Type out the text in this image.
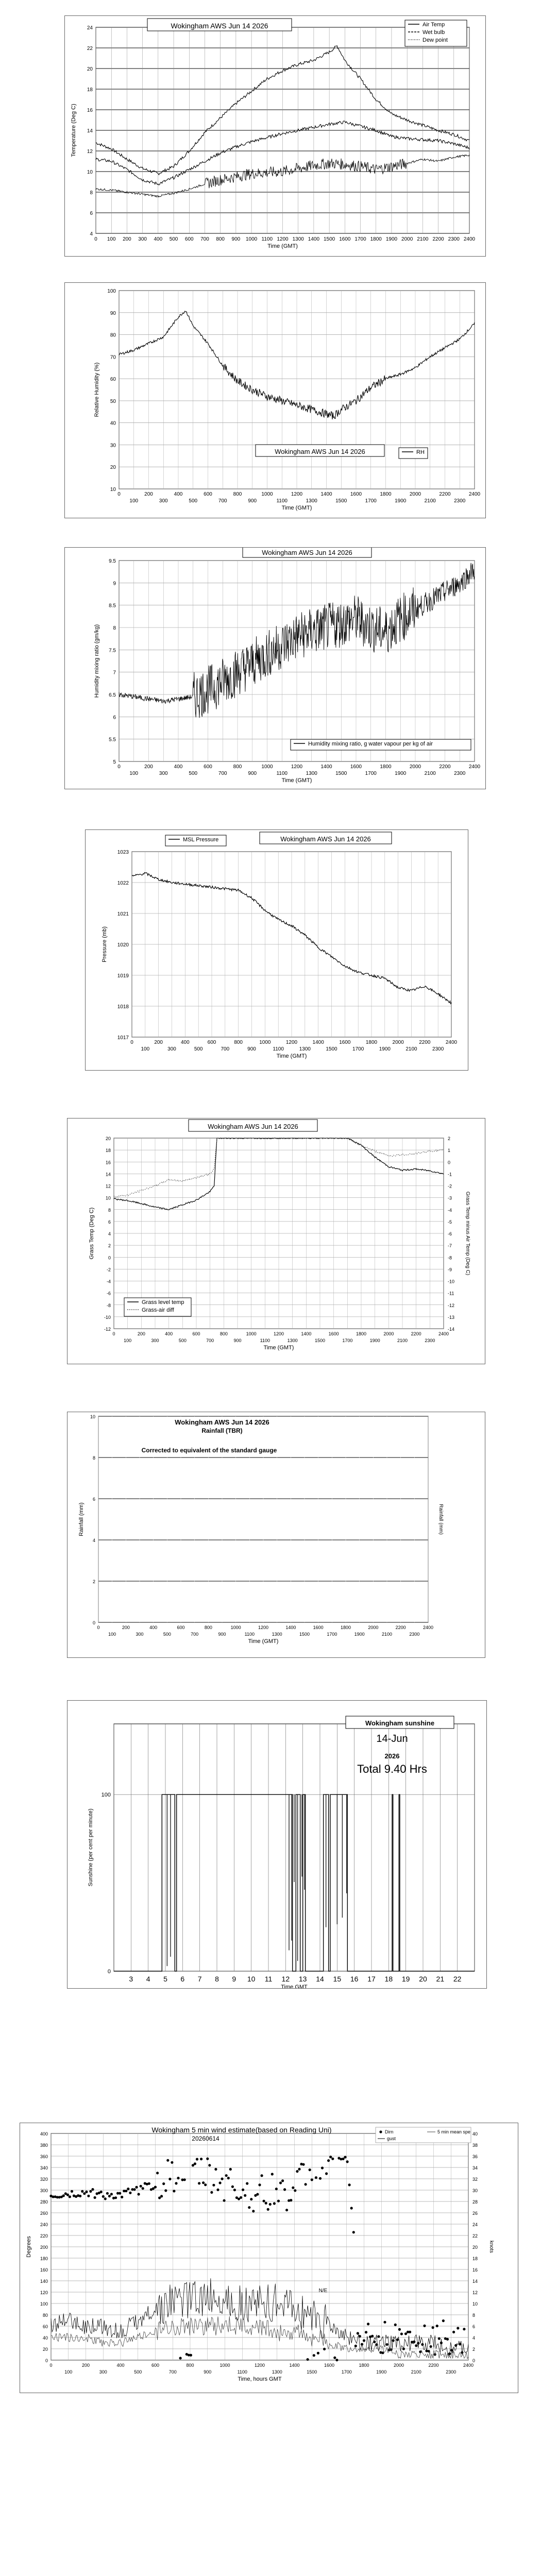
4
6
8
10
12
14
16
18
20
22
24
0 100 200 300 400 500 600 700 800 900 1000 1100 1200 1300 1400 1500 1600 1700 1800 1900 2000 2100 2200 2300 2400
Time (GMT)
Temperature (Deg C)
Wokingham AWS Jun 14 2026	Air Temp
Wet bulb
Dew point
10
20
30
40
50
60
70
80
90
100
0	200	400	600	800	1000	1200	1400	1600	1800	2000	2200	2400
100	300	500	700	900	1100	1300	1500	1700	1900	2100	2300
Time (GMT)
Relative Humidity (%)
Wokingham AWS Jun 14 2026	RH
5
5.5
6
6.5
7
7.5
8
8.5
9
9.5
0	200	400	600	800	1000	1200	1400	1600	1800	2000	2200	2400
100	300	500	700	900	1100	1300	1500	1700	1900	2100	2300
Time (GMT)
Humidity mixing ratio (gm/kg)
Wokingham AWS Jun 14 2026
Humidity mixing ratio, g water vapour per kg of air
1017
1018
1019
1020
1021
1022
1023
0	200	400	600	800	1000	1200	1400	1600	1800	2000	2200	2400
100	300	500	700	900	1100	1300	1500	1700	1900	2100	2300
Time (GMT)
Pressure (mb)
MSL Pressure	Wokingham AWS Jun 14 2026
-12
-10
-8
-6
-4
-2
0
2
4
6
8
10
12
14
16
18
20
0	200	400	600	800	1000	1200	1400	1600	1800	2000	2200	2400
100	300	500	700	900	1100	1300	1500	1700	1900	2100	2300
Time (GMT)
Grass Temp (Deg C)
Wokingham AWS Jun 14 2026
-14
-13
-12
-11
-10
-9
-8
-7
-6
-5
-4
-3
-2
-1
0
1
2
Grass Temp minus Air Temp (Deg C)
Grass level temp
Grass-air diff
0
2
4
6
8
10
0	200	400	600	800	1000	1200	1400	1600	1800	2000	2200	2400
100	300	500	700	900	1100	1300	1500	1700	1900	2100	2300
Time (GMT)
Rainfall (mm)	Rainfall (mm)
Wokingham AWS Jun 14 2026
Rainfall (TBR)
Corrected to equivalent of the standard gauge
0
100
3 4 5 6 7 8 9 10 11 12 13 14 15 16 17 18 19 20 21 22
Time GMT
Sunshine (per cent per minute)
Wokingham sunshine
14-Jun
2026
Total 9.40 Hrs
0
20
40
60
80
100
120
140
160
180
200
220
240
260
280
300
320
340
360
380
400
0	200	400	600	800	1000	1200	1400	1600	1800	2000	2200	2400
100	300	500	700	900	1100	1300	1500	1700	1900	2100	2300
Time, hours GMT
Degrees
0
2
4
6
8
10
12
14
16
18
20
22
24
26
28
30
32
34
36
38
40
knots
Wokingham 5 min wind estimate(based on Reading Uni)
20260614
N/E
Dirn
gust
5 min mean spe
